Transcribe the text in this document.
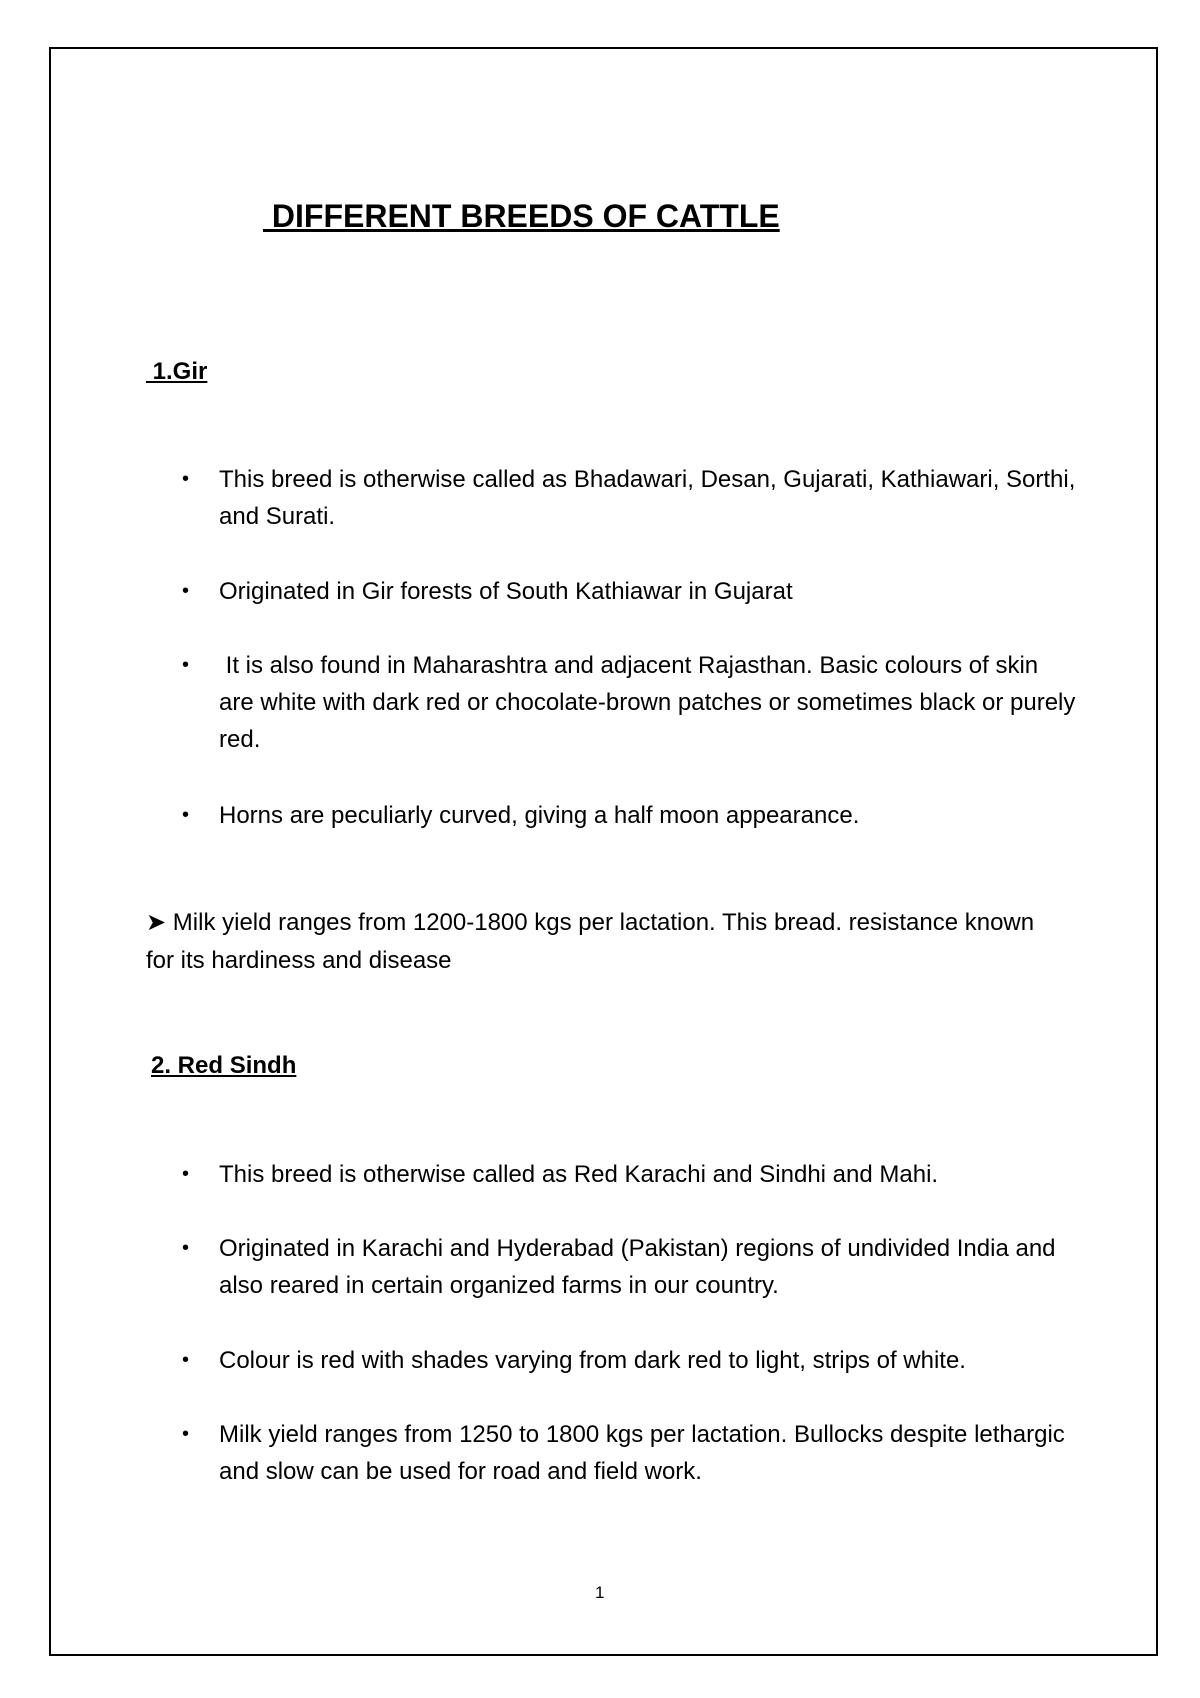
DIFFERENT BREEDS OF CATTLE
1.Gir
• This breed is otherwise called as Bhadawari, Desan, Gujarati, Kathiawari, Sorthi, and Surati.
• Originated in Gir forests of South Kathiawar in Gujarat
• It is also found in Maharashtra and adjacent Rajasthan. Basic colours of skin are white with dark red or chocolate-brown patches or sometimes black or purely red.
• Horns are peculiarly curved, giving a half moon appearance.

➤ Milk yield ranges from 1200-1800 kgs per lactation. This bread. resistance known for its hardiness and disease

2. Red Sindh
• This breed is otherwise called as Red Karachi and Sindhi and Mahi.
• Originated in Karachi and Hyderabad (Pakistan) regions of undivided India and also reared in certain organized farms in our country.
• Colour is red with shades varying from dark red to light, strips of white.
• Milk yield ranges from 1250 to 1800 kgs per lactation. Bullocks despite lethargic and slow can be used for road and field work.
1
